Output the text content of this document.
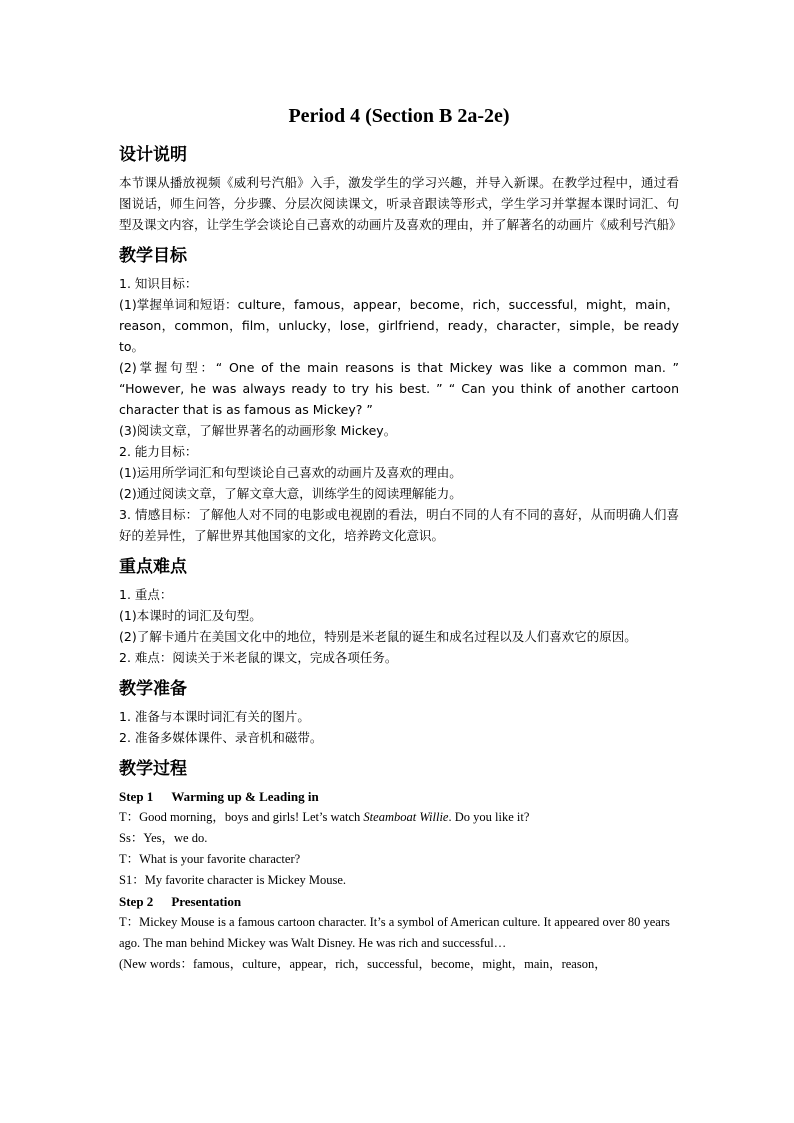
Period 4 (Section B 2a-2e)
设计说明

本节课从播放视频《威利号汽船》入手，激发学生的学习兴趣，并导入新课。在教学过程中，通过看图说话，师生问答，分步骤、分层次阅读课文，听录音跟读等形式，学生学习并掌握本课时词汇、句型及课文内容，让学生学会谈论自己喜欢的动画片及喜欢的理由，并了解著名的动画片《威利号汽船》

教学目标

1. 知识目标：

(1)掌握单词和短语：culture，famous，appear，become，rich，successful，might，main，reason，common，film，unlucky，lose，girlfriend，ready，character，simple，be ready to。

(2)掌握句型：“ One of the main reasons is that Mickey was like a common man. ” “However, he was always ready to try his best. ” “ Can you think of another cartoon character that is as famous as Mickey? ”

(3)阅读文章，了解世界著名的动画形象 Mickey。

2. 能力目标：

(1)运用所学词汇和句型谈论自己喜欢的动画片及喜欢的理由。

(2)通过阅读文章，了解文章大意，训练学生的阅读理解能力。

3. 情感目标：了解他人对不同的电影或电视剧的看法，明白不同的人有不同的喜好，从而明确人们喜好的差异性，了解世界其他国家的文化，培养跨文化意识。

重点难点

1. 重点：

(1)本课时的词汇及句型。

(2)了解卡通片在美国文化中的地位，特别是米老鼠的诞生和成名过程以及人们喜欢它的原因。

2. 难点：阅读关于米老鼠的课文，完成各项任务。

教学准备

1. 准备与本课时词汇有关的图片。

2. 准备多媒体课件、录音机和磁带。

教学过程

Step 1 Warming up & Leading in

T：Good morning，boys and girls! Let’s watch Steamboat Willie. Do you like it?

Ss：Yes，we do.

T：What is your favorite character?

S1：My favorite character is Mickey Mouse.

Step 2 Presentation

T：Mickey Mouse is a famous cartoon character. It’s a symbol of American culture. It appeared over 80 years ago. The man behind Mickey was Walt Disney. He was rich and successful…

(New words：famous，culture，appear，rich，successful，become，might，main，reason，
